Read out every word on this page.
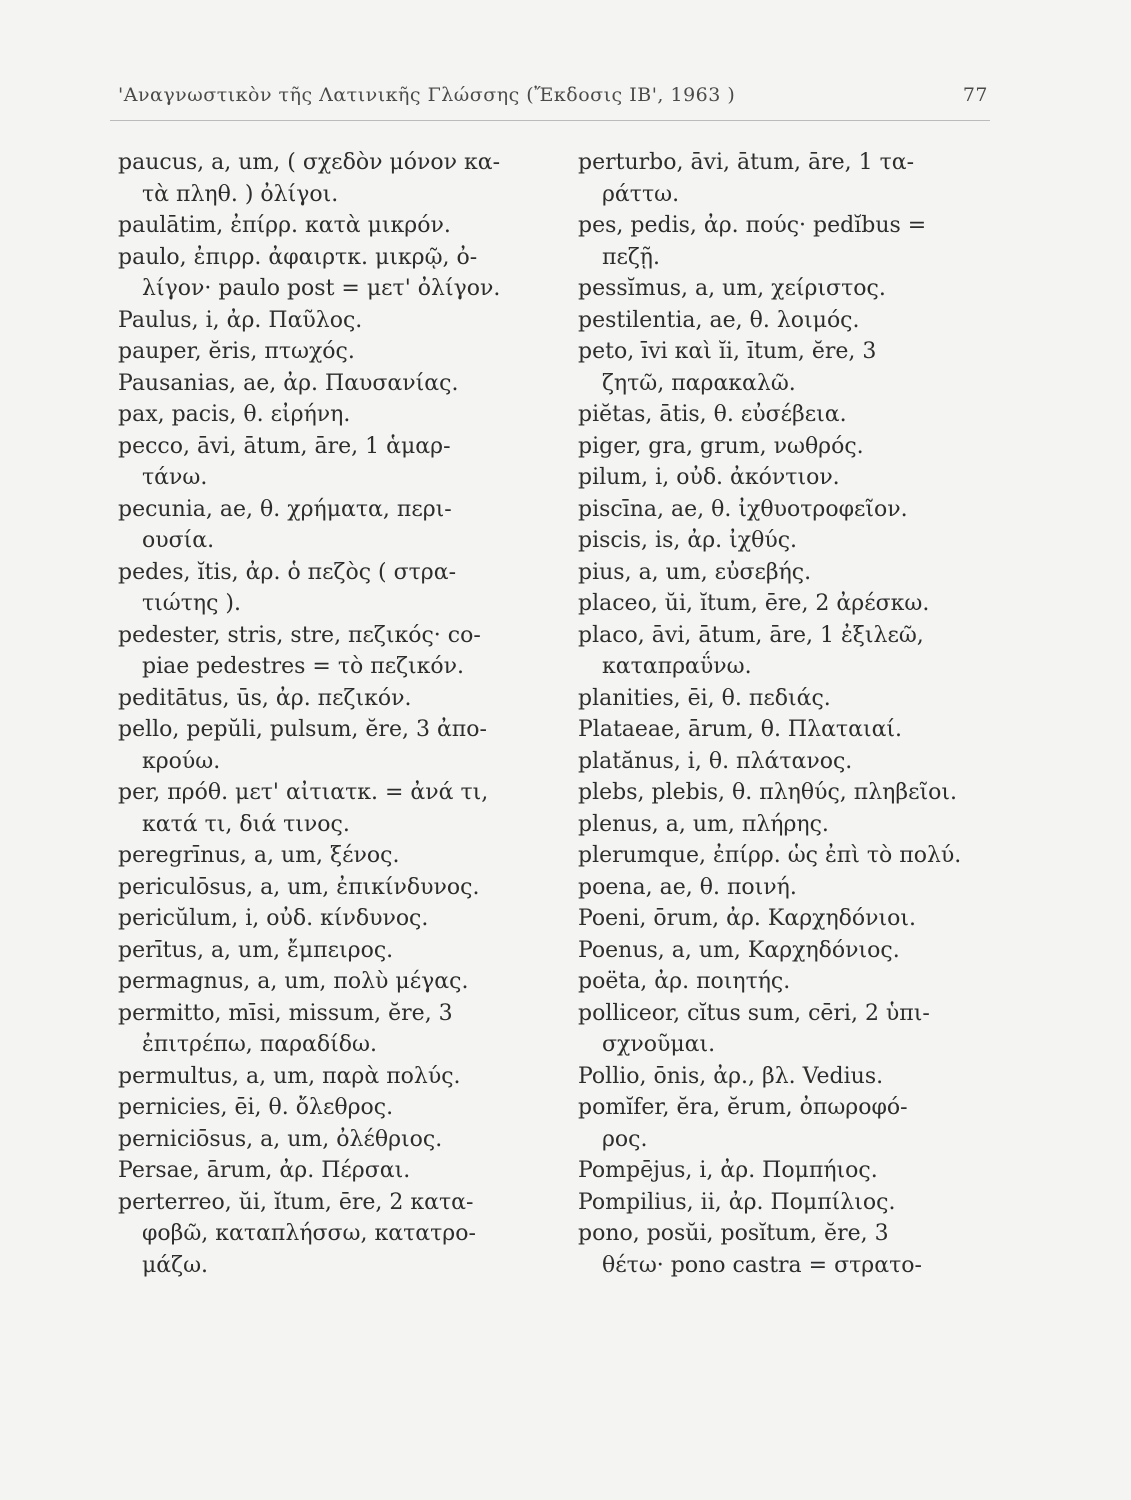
'Αναγνωστικὸν τῆς Λατινικῆς Γλώσσης (Ἔκδοσις ΙΒ', 1963 )	77
paucus, a, um, ( σχεδὸν μόνον κα-
τὰ πληθ. ) ὀλίγοι.
paulātim, ἐπίρρ. κατὰ μικρόν.
paulo, ἐπιρρ. ἀφαιρτκ. μικρῷ, ὀ-
λίγον· paulo post = μετ' ὀλίγον.
Paulus, i, ἀρ. Παῦλος.
pauper, ĕris, πτωχός.
Pausanias, ae, ἀρ. Παυσανίας.
pax, pacis, θ. εἰρήνη.
pecco, āvi, ātum, āre, 1 ἁμαρ-
τάνω.
pecunia, ae, θ. χρήματα, περι-
ουσία.
pedes, ĭtis, ἀρ. ὁ πεζὸς ( στρα-
τιώτης ).
pedester, stris, stre, πεζικός· co-
piae pedestres = τὸ πεζικόν.
peditātus, ūs, ἀρ. πεζικόν.
pello, pepŭli, pulsum, ĕre, 3 ἀπο-
κρούω.
per, πρόθ. μετ' αἰτιατκ. = ἀνά τι,
κατά τι, διά τινος.
peregrīnus, a, um, ξένος.
periculōsus, a, um, ἐπικίνδυνος.
pericŭlum, i, οὐδ. κίνδυνος.
perītus, a, um, ἔμπειρος.
permagnus, a, um, πολὺ μέγας.
permitto, mīsi, missum, ĕre, 3
ἐπιτρέπω, παραδίδω.
permultus, a, um, παρὰ πολύς.
pernicies, ēi, θ. ὄλεθρος.
perniciōsus, a, um, ὀλέθριος.
Persae, ārum, ἀρ. Πέρσαι.
perterreo, ŭi, ĭtum, ēre, 2 κατα-
φοβῶ, καταπλήσσω, κατατρο-
μάζω.
perturbo, āvi, ātum, āre, 1 τα-
ράττω.
pes, pedis, ἀρ. πούς· pedĭbus =
πεζῇ.
pessĭmus, a, um, χείριστος.
pestilentia, ae, θ. λοιμός.
peto, īvi καὶ ĭi, ītum, ĕre, 3
ζητῶ, παρακαλῶ.
piĕtas, ātis, θ. εὐσέβεια.
piger, gra, grum, νωθρός.
pilum, i, οὐδ. ἀκόντιον.
piscīna, ae, θ. ἰχθυοτροφεῖον.
piscis, is, ἀρ. ἰχθύς.
pius, a, um, εὐσεβής.
placeo, ŭi, ĭtum, ēre, 2 ἀρέσκω.
placo, āvi, ātum, āre, 1 ἐξιλεῶ,
καταπραΰνω.
planities, ēi, θ. πεδιάς.
Plataeae, ārum, θ. Πλαταιαί.
platănus, i, θ. πλάτανος.
plebs, plebis, θ. πληθύς, πληβεῖοι.
plenus, a, um, πλήρης.
plerumque, ἐπίρρ. ὡς ἐπὶ τὸ πολύ.
poena, ae, θ. ποινή.
Poeni, ōrum, ἀρ. Καρχηδόνιοι.
Poenus, a, um, Καρχηδόνιος.
poëta, ἀρ. ποιητής.
polliceor, cĭtus sum, cēri, 2 ὑπι-
σχνοῦμαι.
Pollio, ōnis, ἀρ., βλ. Vedius.
pomĭfer, ĕra, ĕrum, ὀπωροφό-
ρος.
Pompējus, i, ἀρ. Πομπήιος.
Pompilius, ii, ἀρ. Πομπίλιος.
pono, posŭi, posĭtum, ĕre, 3
θέτω· pono castra = στρατο-
